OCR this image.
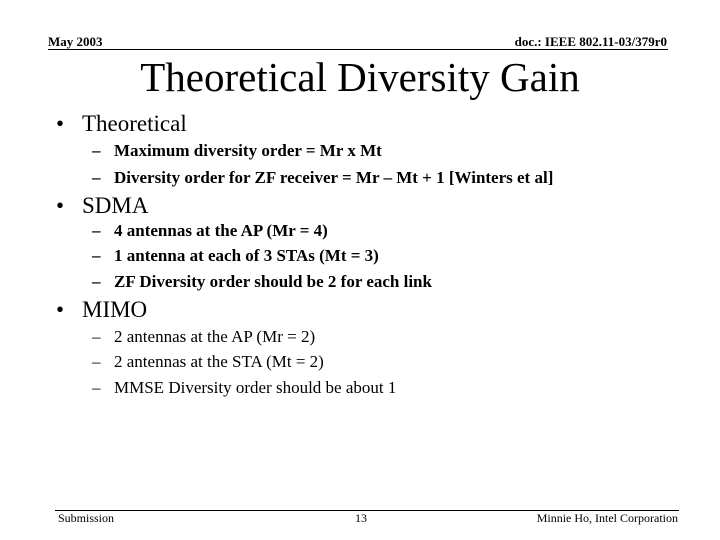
May 2003	doc.: IEEE 802.11-03/379r0
Theoretical Diversity Gain
• Theoretical
– Maximum diversity order = Mr x Mt
– Diversity order for ZF receiver = Mr – Mt + 1 [Winters et al]
• SDMA
– 4 antennas at the AP (Mr = 4)
– 1 antenna at each of 3 STAs (Mt = 3)
– ZF Diversity order should be 2 for each link
• MIMO
– 2 antennas at the AP (Mr = 2)
– 2 antennas at the STA (Mt = 2)
– MMSE Diversity order should be about 1
Submission	13	Minnie Ho, Intel Corporation
